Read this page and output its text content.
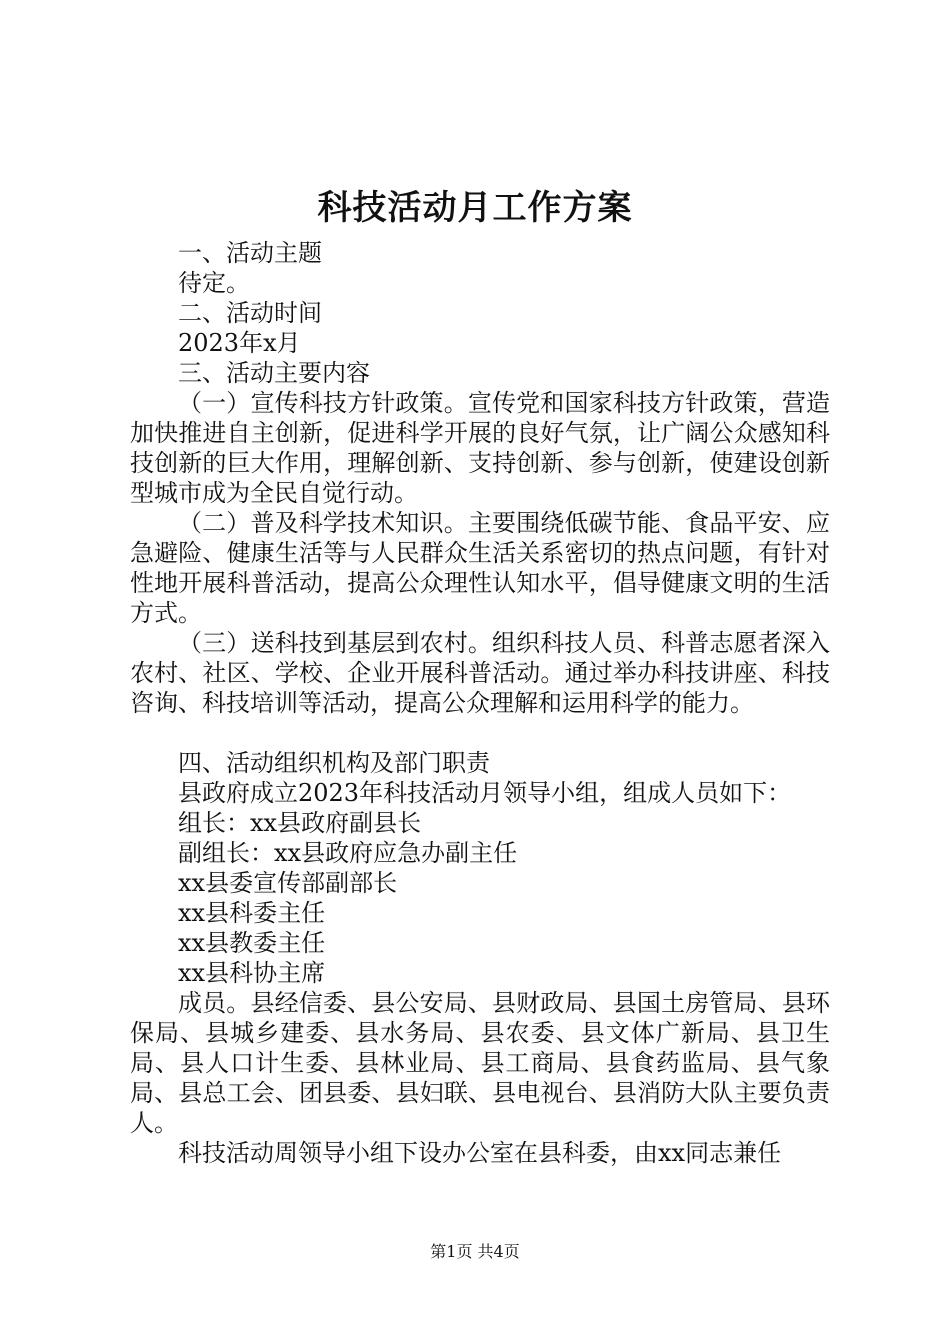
科技活动月工作方案

一、活动主题

待定。

二、活动时间

2023年x月

三、活动主要内容

（一）宣传科技方针政策。宣传党和国家科技方针政策，营造加快推进自主创新，促进科学开展的良好气氛，让广阔公众感知科技创新的巨大作用，理解创新、支持创新、参与创新，使建设创新型城市成为全民自觉行动。

（二）普及科学技术知识。主要围绕低碳节能、食品平安、应急避险、健康生活等与人民群众生活关系密切的热点问题，有针对性地开展科普活动，提高公众理性认知水平，倡导健康文明的生活方式。

（三）送科技到基层到农村。组织科技人员、科普志愿者深入农村、社区、学校、企业开展科普活动。通过举办科技讲座、科技咨询、科技培训等活动，提高公众理解和运用科学的能力。

四、活动组织机构及部门职责

县政府成立2023年科技活动月领导小组，组成人员如下：

组长：xx县政府副县长

副组长：xx县政府应急办副主任

xx县委宣传部副部长

xx县科委主任

xx县教委主任

xx县科协主席

成员。县经信委、县公安局、县财政局、县国土房管局、县环保局、县城乡建委、县水务局、县农委、县文体广新局、县卫生局、县人口计生委、县林业局、县工商局、县食药监局、县气象局、县总工会、团县委、县妇联、县电视台、县消防大队主要负责人。

科技活动周领导小组下设办公室在县科委，由xx同志兼任

第1页 共4页
